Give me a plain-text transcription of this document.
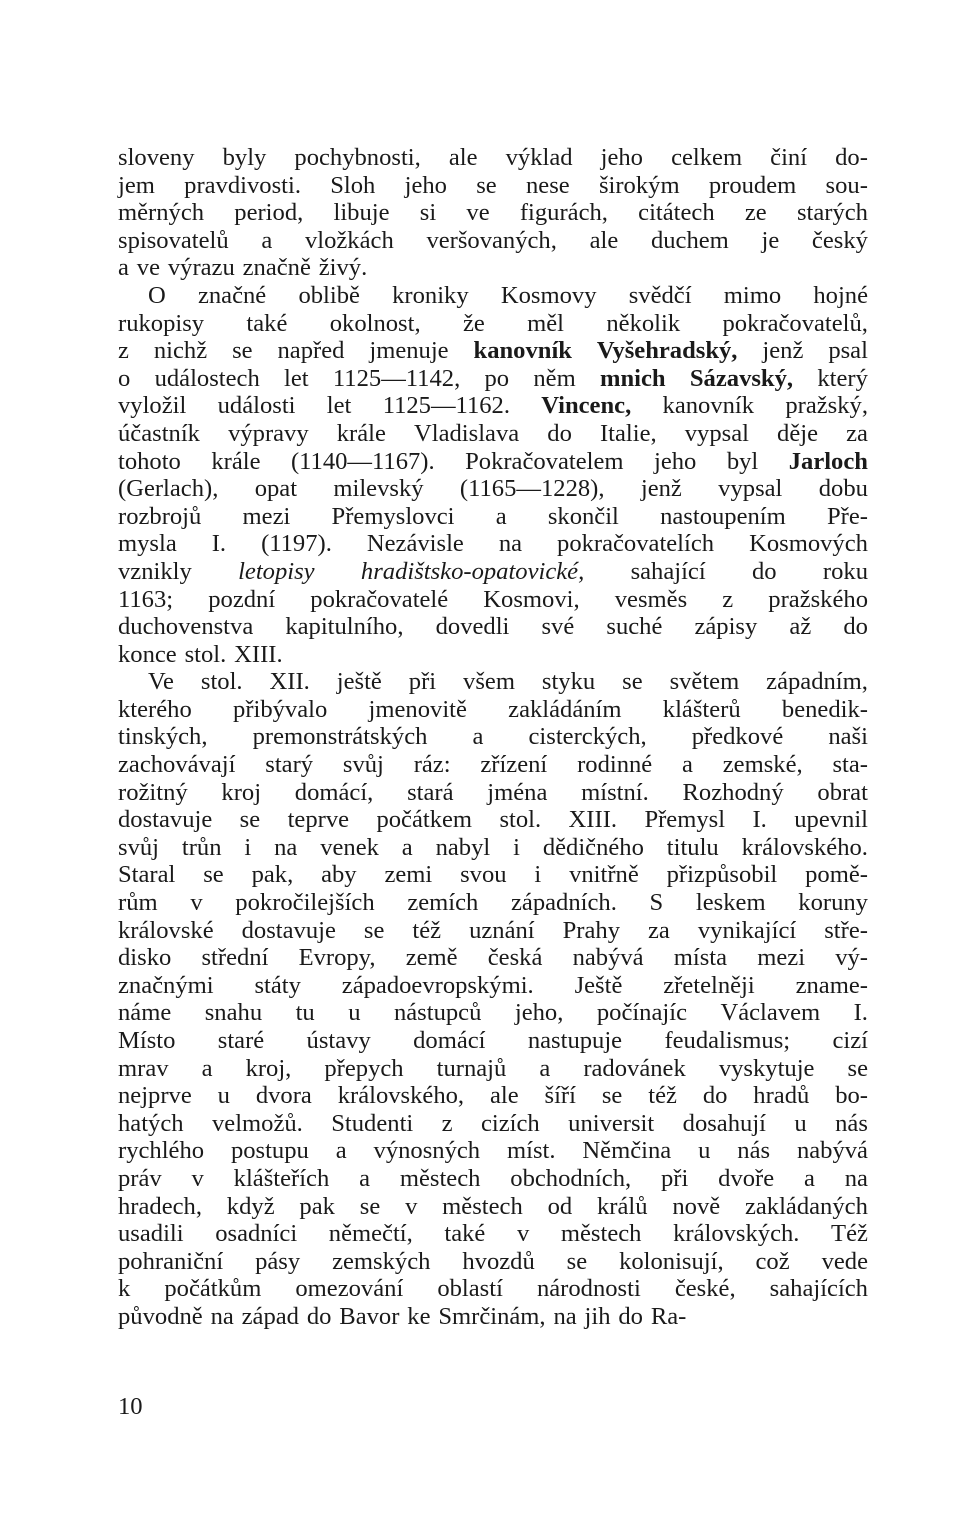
sloveny byly pochybnosti, ale výklad jeho celkem činí do-
jem pravdivosti. Sloh jeho se nese širokým proudem sou-
měrných period, libuje si ve figurách, citátech ze starých
spisovatelů a vložkách veršovaných, ale duchem je český
a ve výrazu značně živý.
O značné oblibě kroniky Kosmovy svědčí mimo hojné
rukopisy také okolnost, že měl několik pokračovatelů,
z nichž se napřed jmenuje kanovník Vyšehradský, jenž psal
o událostech let 1125—1142, po něm mnich Sázavský, který
vyložil události let 1125—1162. Vincenc, kanovník pražský,
účastník výpravy krále Vladislava do Italie, vypsal děje za
tohoto krále (1140—1167). Pokračovatelem jeho byl Jarloch
(Gerlach), opat milevský (1165—1228), jenž vypsal dobu
rozbrojů mezi Přemyslovci a skončil nastoupením Pře-
mysla I. (1197). Nezávisle na pokračovatelích Kosmových
vznikly letopisy hradištsko-opatovické, sahající do roku
1163; pozdní pokračovatelé Kosmovi, vesměs z pražského
duchovenstva kapitulního, dovedli své suché zápisy až do
konce stol. XIII.
Ve stol. XII. ještě při všem styku se světem západním,
kterého přibývalo jmenovitě zakládáním klášterů benedik-
tinských, premonstrátských a cisterckých, předkové naši
zachovávají starý svůj ráz: zřízení rodinné a zemské, sta-
rožitný kroj domácí, stará jména místní. Rozhodný obrat
dostavuje se teprve počátkem stol. XIII. Přemysl I. upevnil
svůj trůn i na venek a nabyl i dědičného titulu královského.
Staral se pak, aby zemi svou i vnitřně přizpůsobil pomě-
rům v pokročilejších zemích západních. S leskem koruny
královské dostavuje se též uznání Prahy za vynikající stře-
disko střední Evropy, země česká nabývá místa mezi vý-
značnými státy západoevropskými. Ještě zřetelněji zname-
náme snahu tu u nástupců jeho, počínajíc Václavem I.
Místo staré ústavy domácí nastupuje feudalismus; cizí
mrav a kroj, přepych turnajů a radovánek vyskytuje se
nejprve u dvora královského, ale šíří se též do hradů bo-
hatých velmožů. Studenti z cizích universit dosahují u nás
rychlého postupu a výnosných míst. Němčina u nás nabývá
práv v klášteřích a městech obchodních, při dvoře a na
hradech, když pak se v městech od králů nově zakládaných
usadili osadníci němečtí, také v městech královských. Též
pohraniční pásy zemských hvozdů se kolonisují, což vede
k počátkům omezování oblastí národnosti české, sahajících
původně na západ do Bavor ke Smrčinám, na jih do Ra-
10
